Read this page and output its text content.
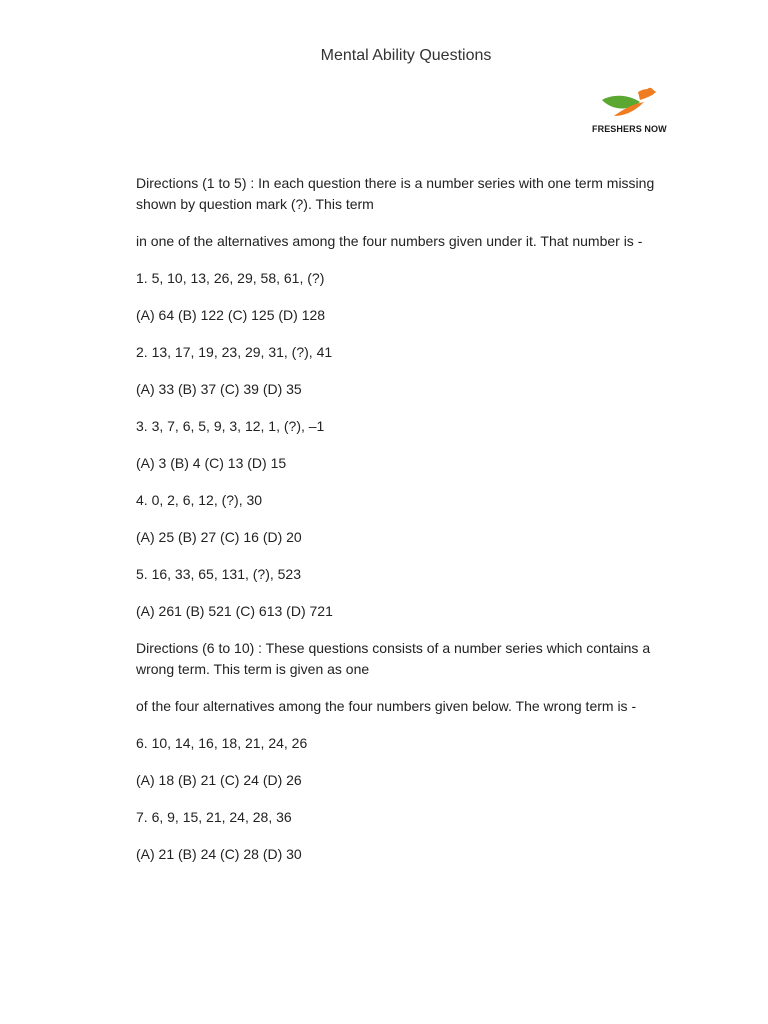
Mental Ability Questions
FRESHERS NOW

Directions (1 to 5) : In each question there is a number series with one term missing shown by question mark (?). This term

in one of the alternatives among the four numbers given under it. That number is -

1. 5, 10, 13, 26, 29, 58, 61, (?)

(A) 64 (B) 122 (C) 125 (D) 128

2. 13, 17, 19, 23, 29, 31, (?), 41

(A) 33 (B) 37 (C) 39 (D) 35

3. 3, 7, 6, 5, 9, 3, 12, 1, (?), –1

(A) 3 (B) 4 (C) 13 (D) 15

4. 0, 2, 6, 12, (?), 30

(A) 25 (B) 27 (C) 16 (D) 20

5. 16, 33, 65, 131, (?), 523

(A) 261 (B) 521 (C) 613 (D) 721

Directions (6 to 10) : These questions consists of a number series which contains a wrong term. This term is given as one

of the four alternatives among the four numbers given below. The wrong term is -

6. 10, 14, 16, 18, 21, 24, 26

(A) 18 (B) 21 (C) 24 (D) 26

7. 6, 9, 15, 21, 24, 28, 36

(A) 21 (B) 24 (C) 28 (D) 30
